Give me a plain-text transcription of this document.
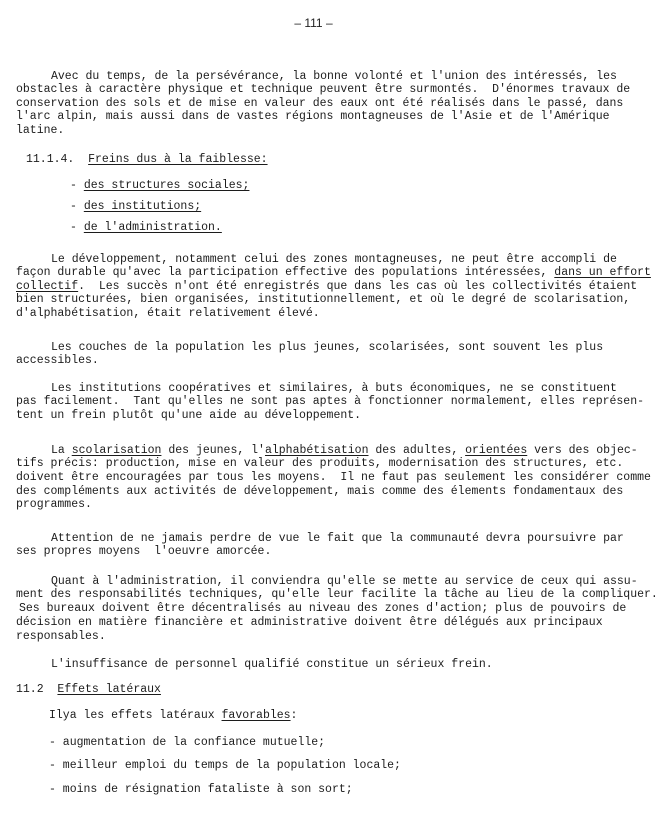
– 111 –
Avec du temps, de la persévérance, la bonne volonté et l'union des intéressés, les
obstacles à caractère physique et technique peuvent être surmontés.  D'énormes travaux de
conservation des sols et de mise en valeur des eaux ont été réalisés dans le passé, dans
l'arc alpin, mais aussi dans de vastes régions montagneuses de l'Asie et de l'Amérique
latine.
11.1.4.  Freins dus à la faiblesse:
- des structures sociales;
- des institutions;
- de l'administration.
Le développement, notamment celui des zones montagneuses, ne peut être accompli de
façon durable qu'avec la participation effective des populations intéressées, dans un effort
collectif.  Les succès n'ont été enregistrés que dans les cas où les collectivités étaient
bien structurées, bien organisées, institutionnellement, et où le degré de scolarisation,
d'alphabétisation, était relativement élevé.
Les couches de la population les plus jeunes, scolarisées, sont souvent les plus
accessibles.
Les institutions coopératives et similaires, à buts économiques, ne se constituent
pas facilement.  Tant qu'elles ne sont pas aptes à fonctionner normalement, elles représen-
tent un frein plutôt qu'une aide au développement.
La scolarisation des jeunes, l'alphabétisation des adultes, orientées vers des objec-
tifs précis: production, mise en valeur des produits, modernisation des structures, etc.
doivent être encouragées par tous les moyens.  Il ne faut pas seulement les considérer comme
des compléments aux activités de développement, mais comme des élements fondamentaux des
programmes.
Attention de ne jamais perdre de vue le fait que la communauté devra poursuivre par
ses propres moyens  l'oeuvre amorcée.
Quant à l'administration, il conviendra qu'elle se mette au service de ceux qui assu-
ment des responsabilités techniques, qu'elle leur facilite la tâche au lieu de la compliquer.
Ses bureaux doivent être décentralisés au niveau des zones d'action; plus de pouvoirs de
décision en matière financière et administrative doivent être délégués aux principaux
responsables.
L'insuffisance de personnel qualifié constitue un sérieux frein.
11.2  Effets latéraux
Ilya les effets latéraux favorables:
- augmentation de la confiance mutuelle;
- meilleur emploi du temps de la population locale;
- moins de résignation fataliste à son sort;
